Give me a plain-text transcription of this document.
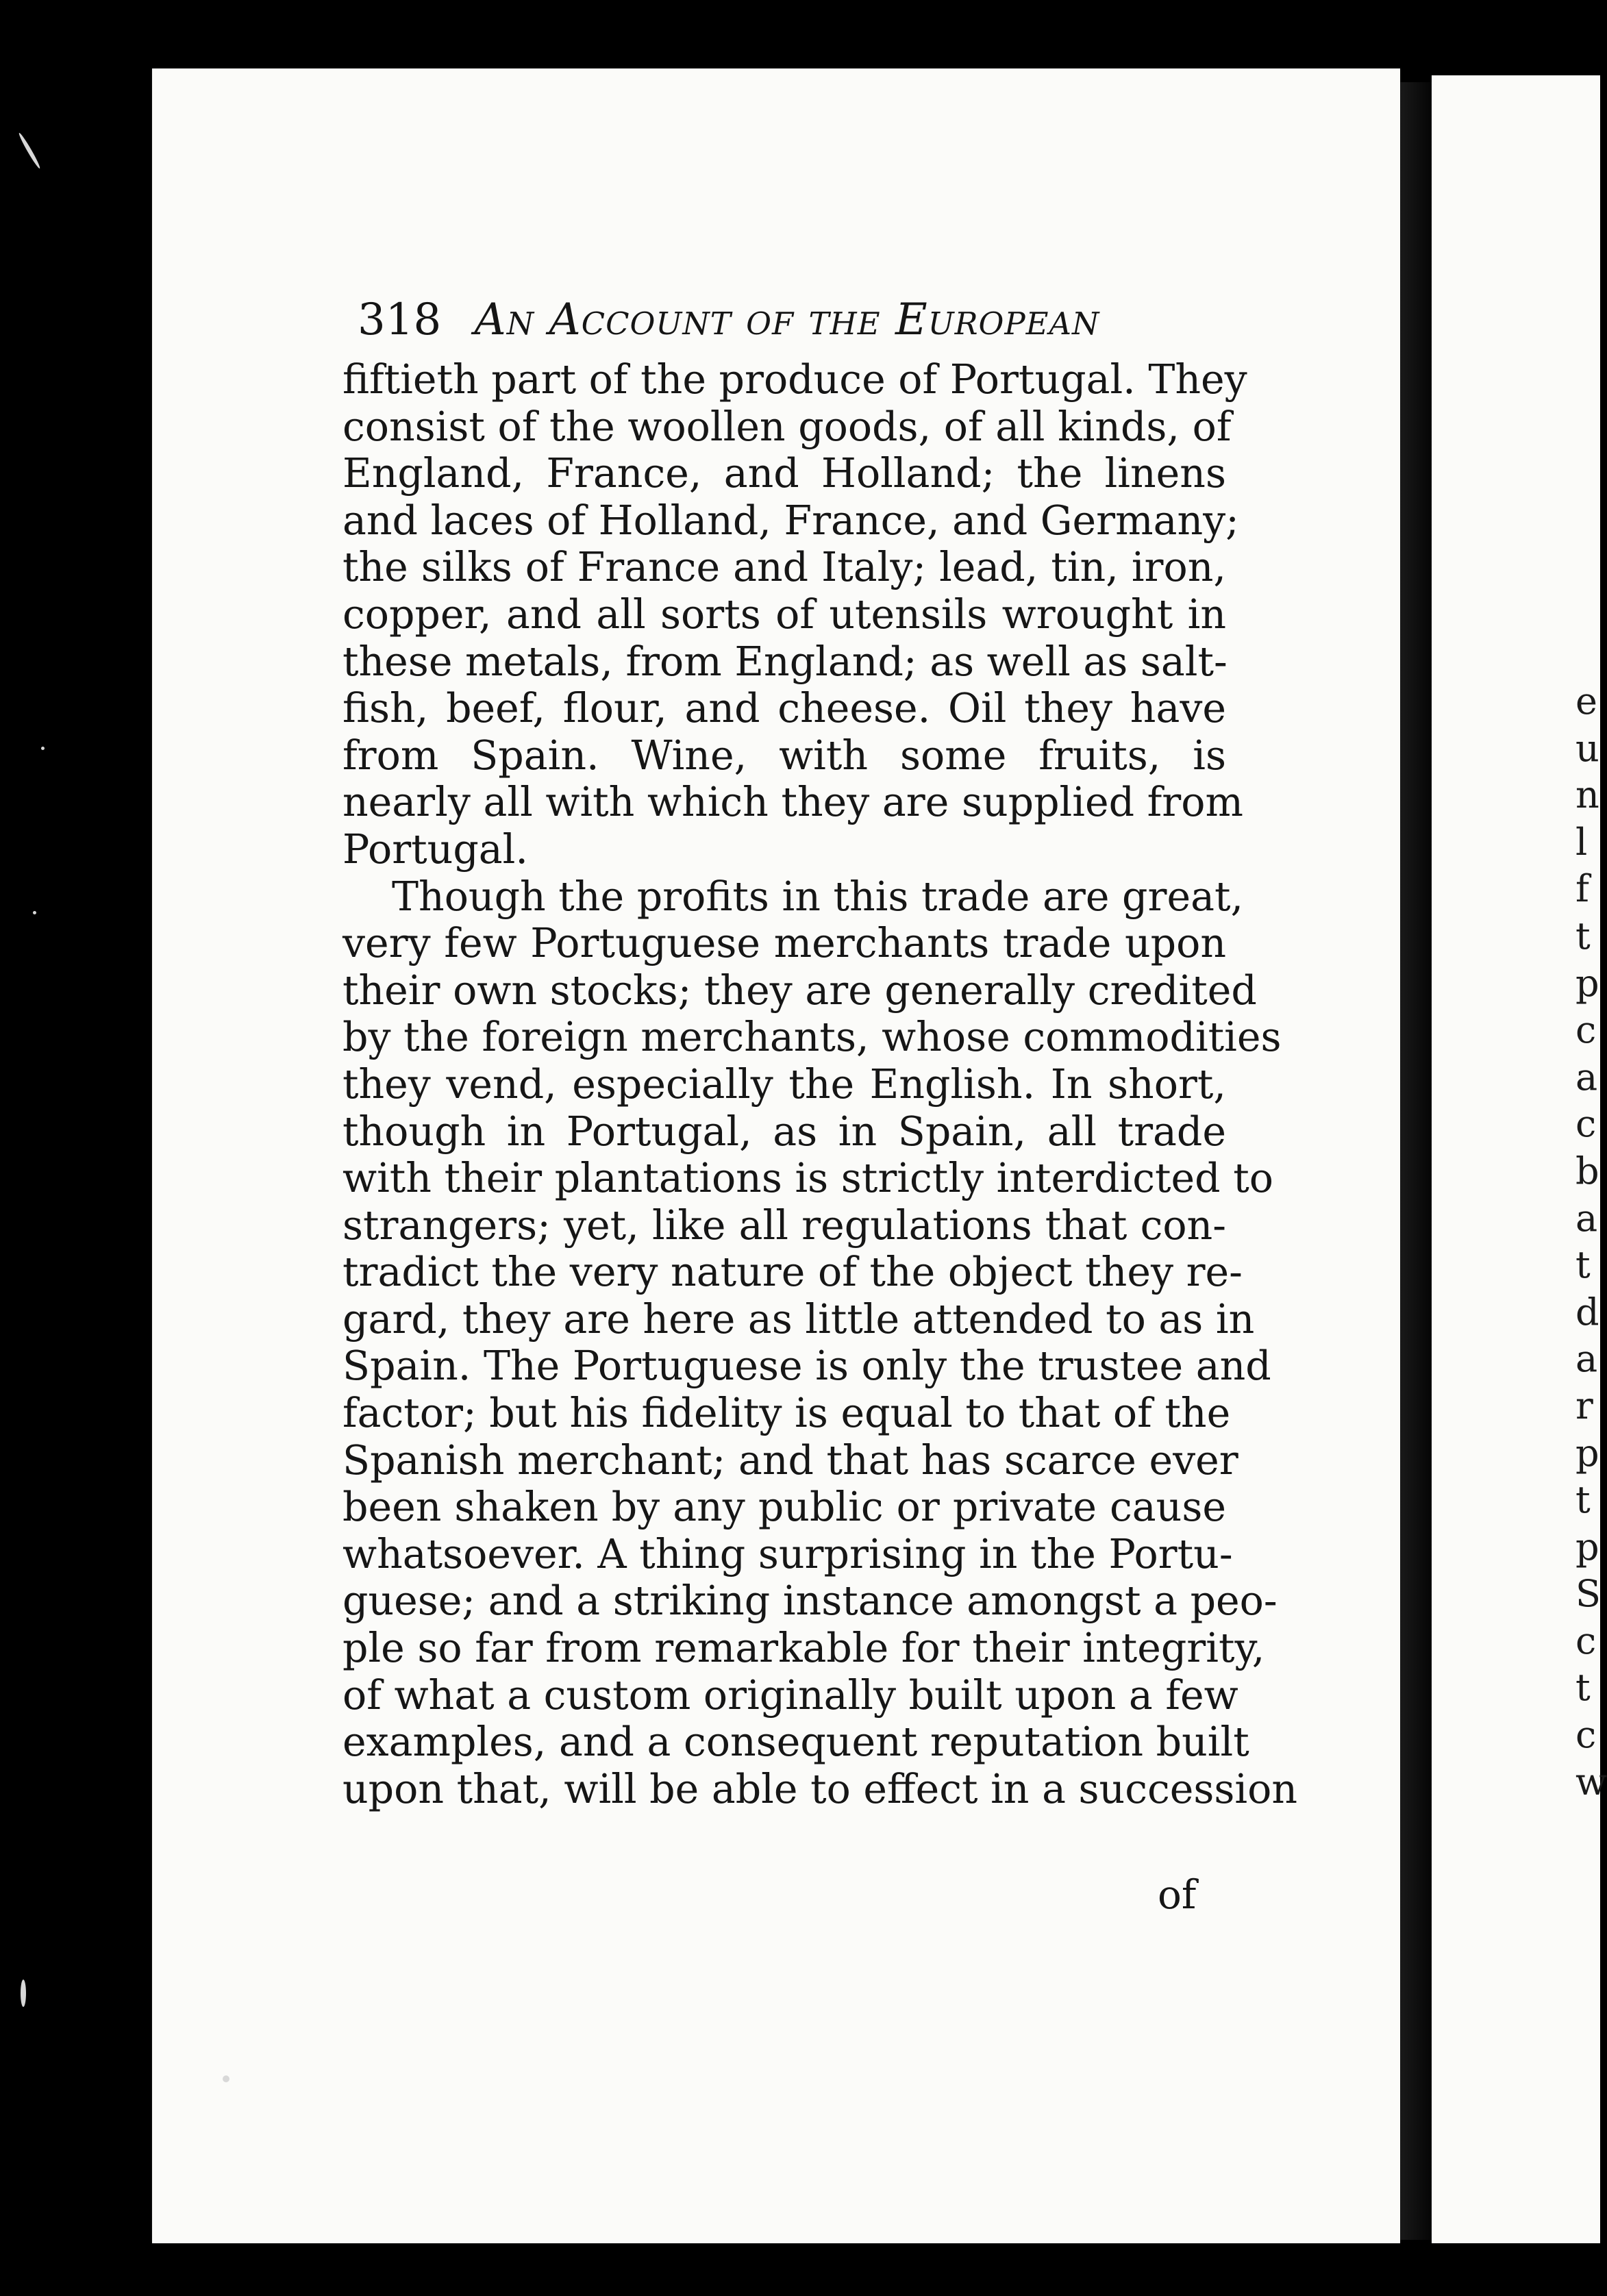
318 An Account of the European
fiftieth part of the produce of Portugal. They
consist of the woollen goods, of all kinds, of
England, France, and Holland; the linens
and laces of Holland, France, and Germany;
the silks of France and Italy; lead, tin, iron,
copper, and all sorts of utensils wrought in
these metals, from England; as well as salt-
fish, beef, flour, and cheese. Oil they have
from Spain. Wine, with some fruits, is
nearly all with which they are supplied from
Portugal.
Though the profits in this trade are great,
very few Portuguese merchants trade upon
their own stocks; they are generally credited
by the foreign merchants, whose commodities
they vend, especially the English. In short,
though in Portugal, as in Spain, all trade
with their plantations is strictly interdicted to
strangers; yet, like all regulations that con-
tradict the very nature of the object they re-
gard, they are here as little attended to as in
Spain. The Portuguese is only the trustee and
factor; but his fidelity is equal to that of the
Spanish merchant; and that has scarce ever
been shaken by any public or private cause
whatsoever. A thing surprising in the Portu-
guese; and a striking instance amongst a peo-
ple so far from remarkable for their integrity,
of what a custom originally built upon a few
examples, and a consequent reputation built
upon that, will be able to effect in a succession
of
e
u
n
l
f
t
p
c
a
c
b
a
t
d
a
r
p
t
p
S
c
t
c
w
